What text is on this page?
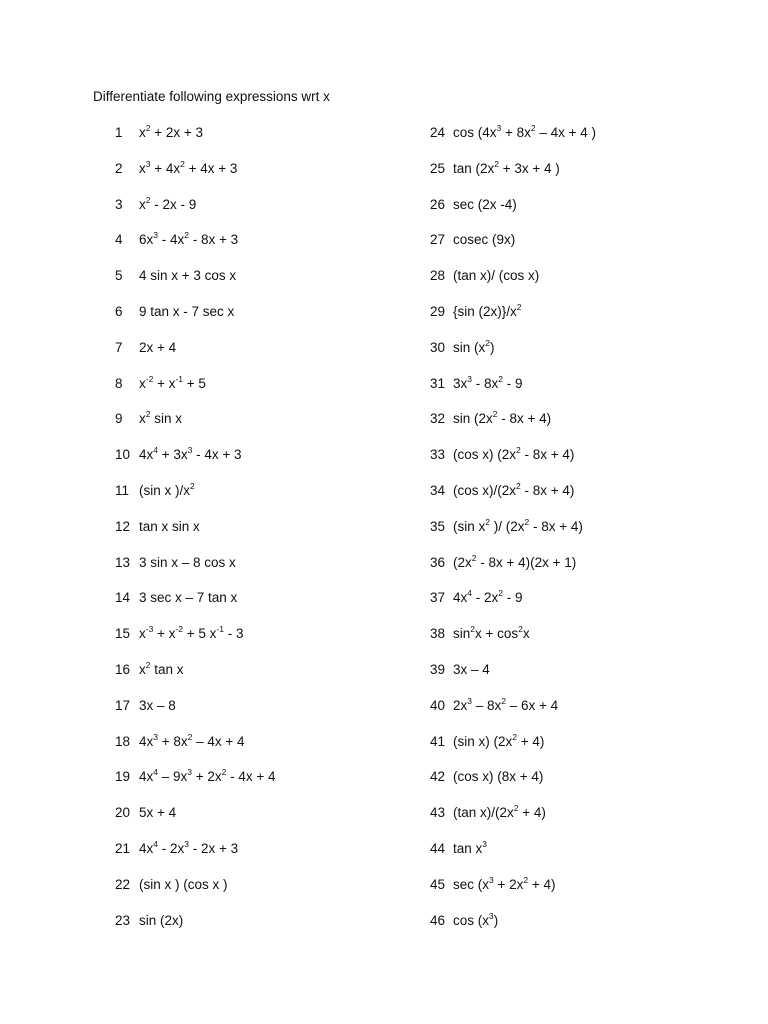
Differentiate following expressions wrt x
1	$x^2 + 2x + 3$
2	$x^3 + 4x^2 + 4x + 3$
3	$x^2 - 2x - 9$
4	$6x^3 - 4x^2 - 8x + 3$
5	4 sin x + 3 cos x
6	9 tan x - 7 sec x
7	2x + 4
8	$x^{-2} + x^{-1} + 5$
9	$x^2$ sin x
10 $4x^4 + 3x^3 - 4x + 3$
11 (sin x )$/x^2$
12 tan x sin x
13 3 sin x – 8 cos x
14 3 sec x – 7 tan x
15 $x^{-3} + x^{-2} + 5$ $x^{-1} - 3$
16 $x^2$ tan x
17 3x – 8
18 $4x^3 + 8x^2 - 4x + 4$
19 $4x^4 - 9x^3 + 2x^2 - 4x + 4$
20 5x + 4
21 $4x^4 - 2x^3 - 2x + 3$
22 (sin x ) (cos x )
23 sin (2x)
24 $\cos (4x^3 + 8x^2 - 4x + 4$ )
25 $\tan (2x^2 + 3x + 4$ )
26 sec (2x -4)
27 cosec (9x)
28 (tan x)/ (cos x)
29 {sin $(2x)\}/x^2$
30 $\sin (x^2)$
31 $3x^3 - 8x^2 - 9$
32 $\sin (2x^2 - 8x + 4)$
33 (cos x) $(2x^2 - 8x + 4)$
34 (cos $x)/(2x^2 - 8x + 4)$
35 (sin $x^2$ )/ $(2x^2 - 8x + 4)$
36 $(2x^2 - 8x + 4)(2x + 1)$
37 $4x^4 - 2x^2 - 9$
38 $\sin^2x + \cos^2x$
39 3x – 4
40 $2x^3 - 8x^2 - 6x + 4$
41 (sin x) $(2x^2 + 4)$
42 (cos x) (8x + 4)
43 (tan $x)/(2x^2 + 4)$
44 $\tan x^3$
45 $\sec (x^3 + 2x^2 + 4)$
46 $\cos (x^3)$
